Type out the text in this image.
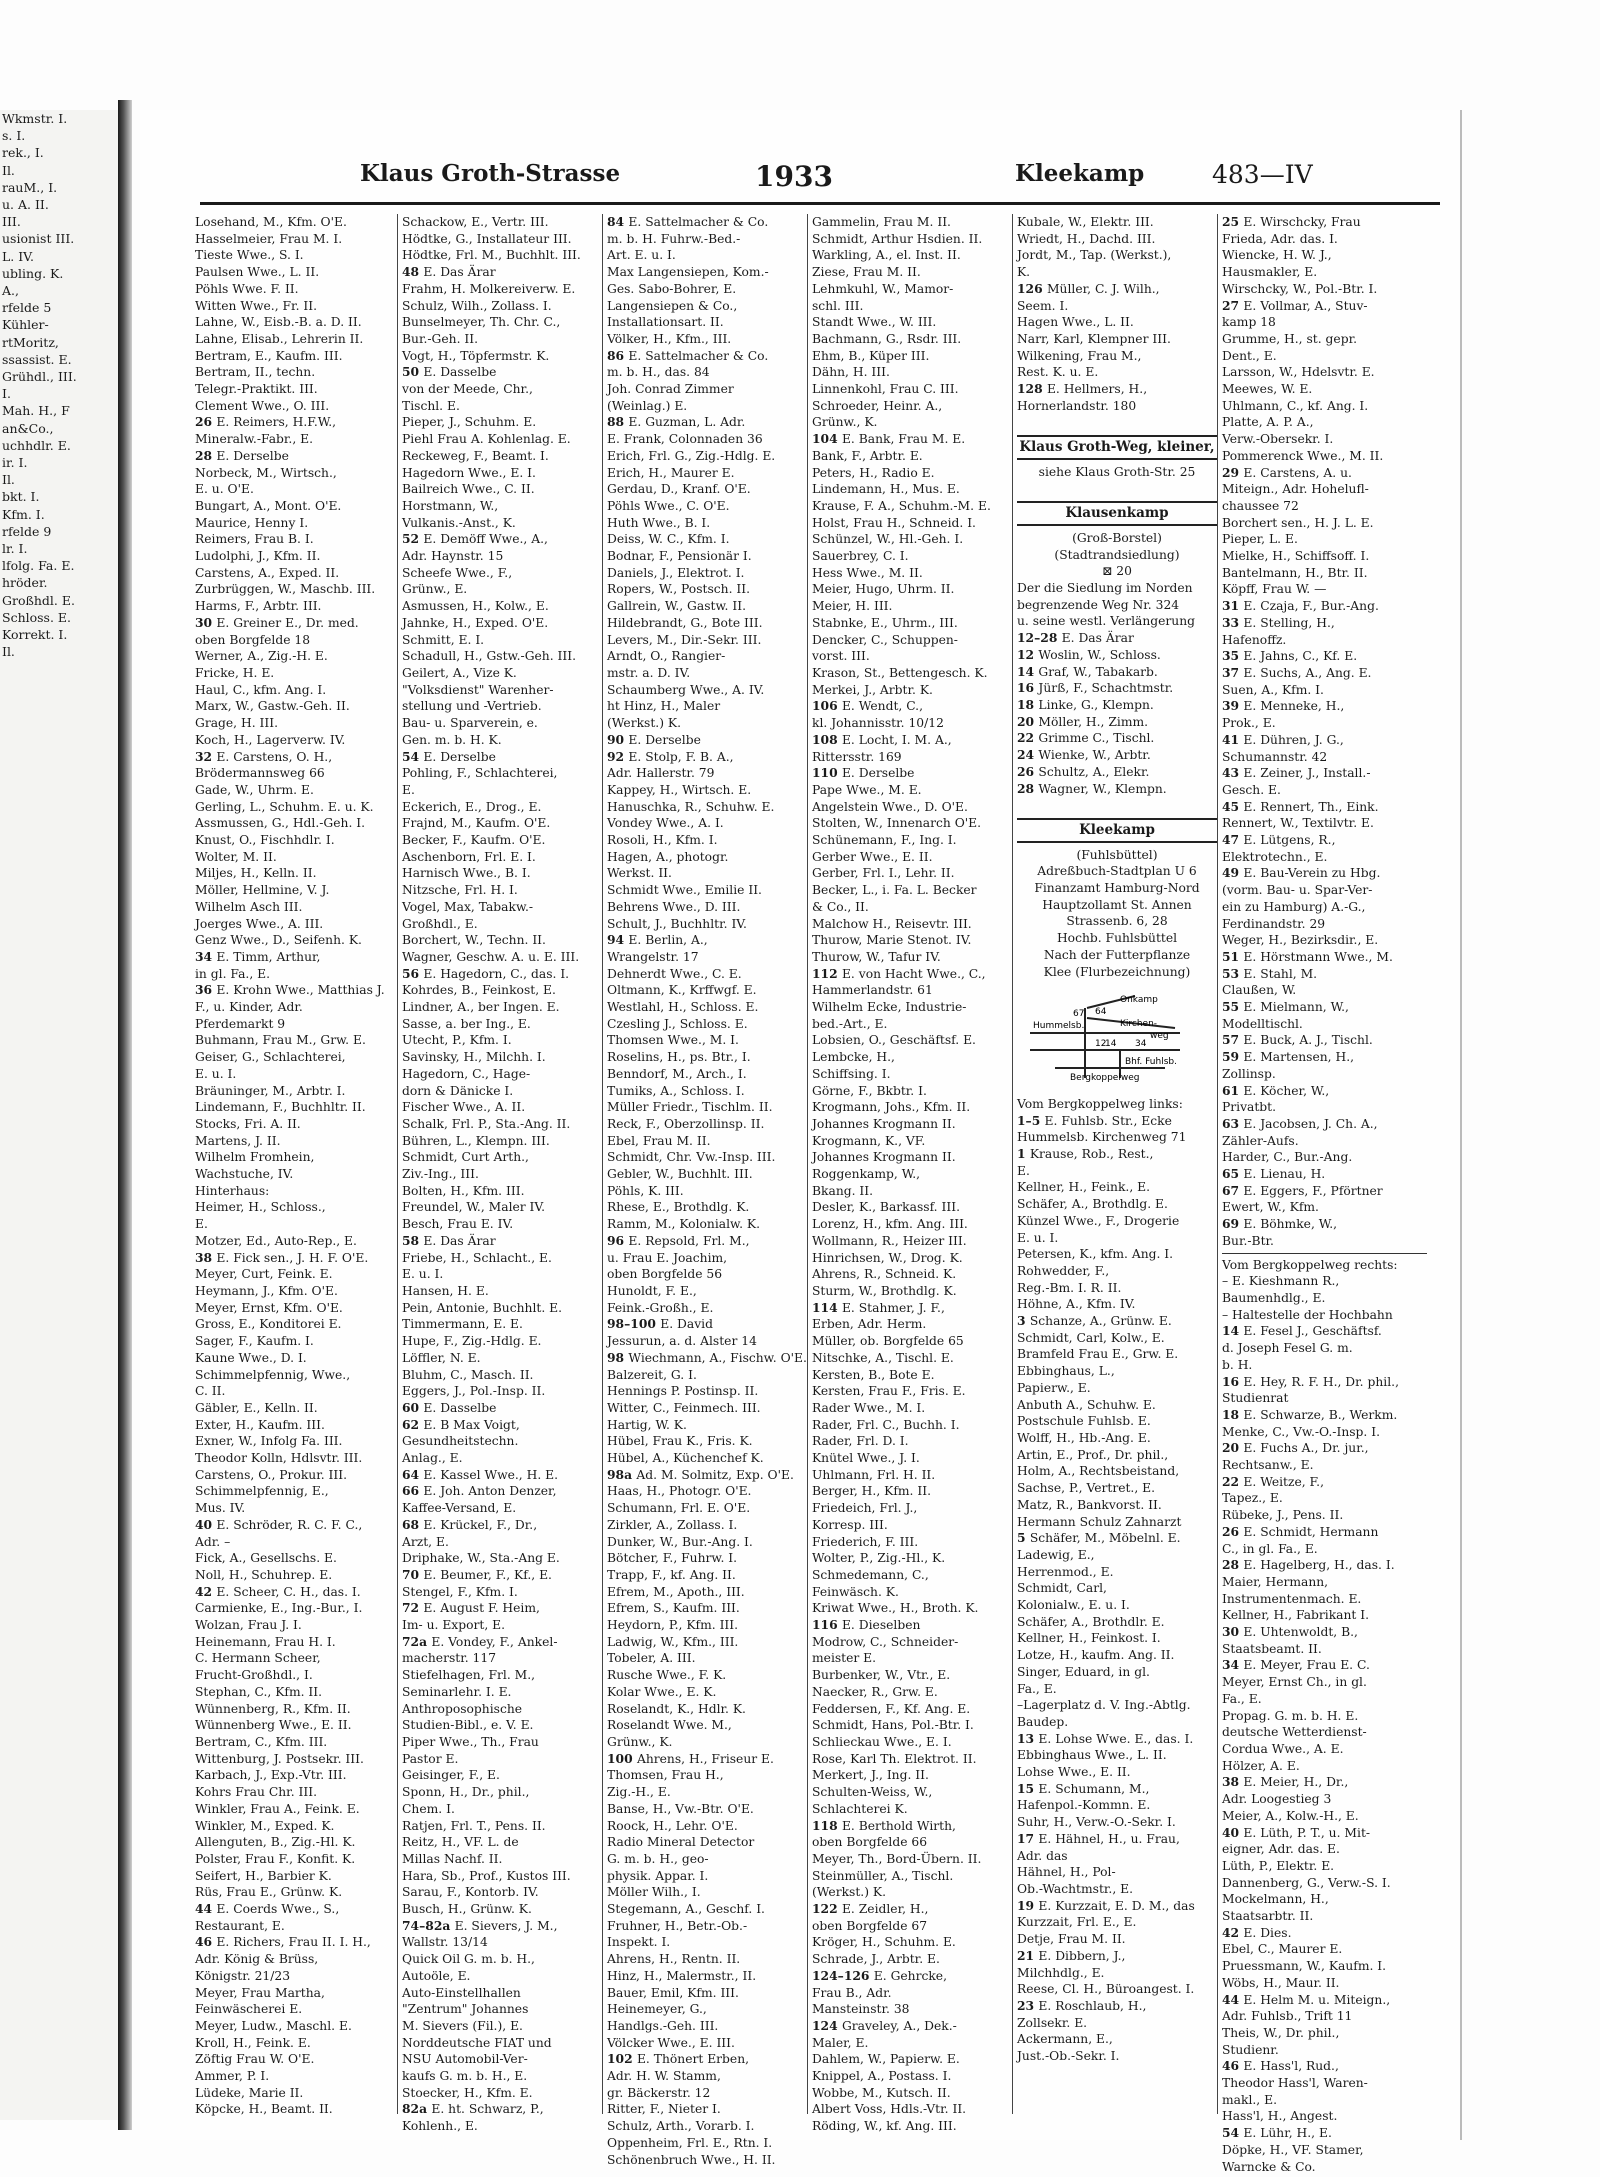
Wkmstr. I.
s. I.
rek., I.
Il.
rauM., I.
u. A. II.
III.
usionist III.
L. IV.
ubling. K.
A.,
rfelde 5
Kühler-
rtMoritz,
ssassist. E.
Grühdl., III.
I.
Mah. H., F
an&Co.,
uchhdlr. E.
ir. I.
Il.
bkt. I.
Kfm. I.
rfelde 9
lr. I.
lfolg. Fa. E.
hröder.
Großhdl. E.
Schloss. E.
Korrekt. I.
Il.
Klaus Groth-Strasse	1933	Kleekamp	483—IV
Losehand, M., Kfm. O'E.
Hasselmeier, Frau M. I.
Tieste Wwe., S. I.
Paulsen Wwe., L. II.
Pöhls Wwe. F. II.
Witten Wwe., Fr. II.
Lahne, W., Eisb.-B. a. D. II.
Lahne, Elisab., Lehrerin II.
Bertram, E., Kaufm. III.
Bertram, II., techn.
Telegr.-Praktikt. III.
Clement Wwe., O. III.
26 E. Reimers, H.F.W.,
Mineralw.-Fabr., E.
28 E. Derselbe
Norbeck, M., Wirtsch.,
E. u. O'E.
Bungart, A., Mont. O'E.
Maurice, Henny I.
Reimers, Frau B. I.
Ludolphi, J., Kfm. II.
Carstens, A., Exped. II.
Zurbrüggen, W., Maschb. III.
Harms, F., Arbtr. III.
30 E. Greiner E., Dr. med.
oben Borgfelde 18
Werner, A., Zig.-H. E.
Fricke, H. E.
Haul, C., kfm. Ang. I.
Marx, W., Gastw.-Geh. II.
Grage, H. III.
Koch, H., Lagerverw. IV.
32 E. Carstens, O. H.,
Brödermannsweg 66
Gade, W., Uhrm. E.
Gerling, L., Schuhm. E. u. K.
Assmussen, G., Hdl.-Geh. I.
Knust, O., Fischhdlr. I.
Wolter, M. II.
Miljes, H., Kelln. II.
Möller, Hellmine, V. J.
Wilhelm Asch III.
Joerges Wwe., A. III.
Genz Wwe., D., Seifenh. K.
34 E. Timm, Arthur,
in gl. Fa., E.
36 E. Krohn Wwe., Matthias J.
F., u. Kinder, Adr.
Pferdemarkt 9
Buhmann, Frau M., Grw. E.
Geiser, G., Schlachterei,
E. u. I.
Bräuninger, M., Arbtr. I.
Lindemann, F., Buchhltr. II.
Stocks, Fri. A. II.
Martens, J. II.
Wilhelm Fromhein,
Wachstuche, IV.
Hinterhaus:
Heimer, H., Schloss.,
E.
Motzer, Ed., Auto-Rep., E.
38 E. Fick sen., J. H. F. O'E.
Meyer, Curt, Feink. E.
Heymann, J., Kfm. O'E.
Meyer, Ernst, Kfm. O'E.
Gross, E., Konditorei E.
Sager, F., Kaufm. I.
Kaune Wwe., D. I.
Schimmelpfennig, Wwe.,
C. II.
Gäbler, E., Kelln. II.
Exter, H., Kaufm. III.
Exner, W., Infolg Fa. III.
Theodor Kolln, Hdlsvtr. III.
Carstens, O., Prokur. III.
Schimmelpfennig, E.,
Mus. IV.
40 E. Schröder, R. C. F. C.,
Adr. –
Fick, A., Gesellschs. E.
Noll, H., Schuhrep. E.
42 E. Scheer, C. H., das. I.
Carmienke, E., Ing.-Bur., I.
Wolzan, Frau J. I.
Heinemann, Frau H. I.
C. Hermann Scheer,
Frucht-Großhdl., I.
Stephan, C., Kfm. II.
Wünnenberg, R., Kfm. II.
Wünnenberg Wwe., E. II.
Bertram, C., Kfm. III.
Wittenburg, J. Postsekr. III.
Karbach, J., Exp.-Vtr. III.
Kohrs Frau Chr. III.
Winkler, Frau A., Feink. E.
Winkler, M., Exped. K.
Allenguten, B., Zig.-Hl. K.
Polster, Frau F., Konfit. K.
Seifert, H., Barbier K.
Rüs, Frau E., Grünw. K.
44 E. Coerds Wwe., S.,
Restaurant, E.
46 E. Richers, Frau II. I. H.,
Adr. König & Brüss,
Königstr. 21/23
Meyer, Frau Martha,
Feinwäscherei E.
Meyer, Ludw., Maschl. E.
Kroll, H., Feink. E.
Zöftig Frau W. O'E.
Ammer, P. I.
Lüdeke, Marie II.
Köpcke, H., Beamt. II.
Schackow, E., Vertr. III.
Hödtke, G., Installateur III.
Hödtke, Frl. M., Buchhlt. III.
48 E. Das Ärar
Frahm, H. Molkereiverw. E.
Schulz, Wilh., Zollass. I.
Bunselmeyer, Th. Chr. C.,
Bur.-Geh. II.
Vogt, H., Töpfermstr. K.
50 E. Dasselbe
von der Meede, Chr.,
Tischl. E.
Pieper, J., Schuhm. E.
Piehl Frau A. Kohlenlag. E.
Reckeweg, F., Beamt. I.
Hagedorn Wwe., E. I.
Bailreich Wwe., C. II.
Horstmann, W.,
Vulkanis.-Anst., K.
52 E. Demöff Wwe., A.,
Adr. Haynstr. 15
Scheefe Wwe., F.,
Grünw., E.
Asmussen, H., Kolw., E.
Jahnke, H., Exped. O'E.
Schmitt, E. I.
Schadull, H., Gstw.-Geh. III.
Geilert, A., Vize K.
"Volksdienst" Warenher-
stellung und -Vertrieb.
Bau- u. Sparverein, e.
Gen. m. b. H. K.
54 E. Derselbe
Pohling, F., Schlachterei,
E.
Eckerich, E., Drog., E.
Frajnd, M., Kaufm. O'E.
Becker, F., Kaufm. O'E.
Aschenborn, Frl. E. I.
Harnisch Wwe., B. I.
Nitzsche, Frl. H. I.
Vogel, Max, Tabakw.-
Großhdl., E.
Borchert, W., Techn. II.
Wagner, Geschw. A. u. E. III.
56 E. Hagedorn, C., das. I.
Kohrdes, B., Feinkost, E.
Lindner, A., ber Ingen. E.
Sasse, a. ber Ing., E.
Utecht, P., Kfm. I.
Savinsky, H., Milchh. I.
Hagedorn, C., Hage-
dorn & Dänicke I.
Fischer Wwe., A. II.
Schalk, Frl. P., Sta.-Ang. II.
Bühren, L., Klempn. III.
Schmidt, Curt Arth.,
Ziv.-Ing., III.
Bolten, H., Kfm. III.
Freundel, W., Maler IV.
Besch, Frau E. IV.
58 E. Das Ärar
Friebe, H., Schlacht., E.
E. u. I.
Hansen, H. E.
Pein, Antonie, Buchhlt. E.
Timmermann, E. E.
Hupe, F., Zig.-Hdlg. E.
Löffler, N. E.
Bluhm, C., Masch. II.
Eggers, J., Pol.-Insp. II.
60 E. Dasselbe
62 E. B Max Voigt,
Gesundheitstechn.
Anlag., E.
64 E. Kassel Wwe., H. E.
66 E. Joh. Anton Denzer,
Kaffee-Versand, E.
68 E. Krückel, F., Dr.,
Arzt, E.
Driphake, W., Sta.-Ang E.
70 E. Beumer, F., Kf., E.
Stengel, F., Kfm. I.
72 E. August F. Heim,
Im- u. Export, E.
72a E. Vondey, F., Ankel-
macherstr. 117
Stiefelhagen, Frl. M.,
Seminarlehr. I. E.
Anthroposophische
Studien-Bibl., e. V. E.
Piper Wwe., Th., Frau
Pastor E.
Geisinger, F., E.
Sponn, H., Dr., phil.,
Chem. I.
Ratjen, Frl. T., Pens. II.
Reitz, H., VF. L. de
Millas Nachf. II.
Hara, Sb., Prof., Kustos III.
Sarau, F., Kontorb. IV.
Busch, H., Grünw. K.
74–82a E. Sievers, J. M.,
Wallstr. 13/14
Quick Oil G. m. b. H.,
Autoöle, E.
Auto-Einstellhallen
"Zentrum" Johannes
M. Sievers (Fil.), E.
Norddeutsche FIAT und
NSU Automobil-Ver-
kaufs G. m. b. H., E.
Stoecker, H., Kfm. E.
82a E. ht. Schwarz, P.,
Kohlenh., E.
84 E. Sattelmacher & Co.
m. b. H. Fuhrw.-Bed.-
Art. E. u. I.
Max Langensiepen, Kom.-
Ges. Sabo-Bohrer, E.
Langensiepen & Co.,
Installationsart. II.
Völker, H., Kfm., III.
86 E. Sattelmacher & Co.
m. b. H., das. 84
Joh. Conrad Zimmer
(Weinlag.) E.
88 E. Guzman, L. Adr.
E. Frank, Colonnaden 36
Erich, Frl. G., Zig.-Hdlg. E.
Erich, H., Maurer E.
Gerdau, D., Kranf. O'E.
Pöhls Wwe., C. O'E.
Huth Wwe., B. I.
Deiss, W. C., Kfm. I.
Bodnar, F., Pensionär I.
Daniels, J., Elektrot. I.
Ropers, W., Postsch. II.
Gallrein, W., Gastw. II.
Hildebrandt, G., Bote III.
Levers, M., Dir.-Sekr. III.
Arndt, O., Rangier-
mstr. a. D. IV.
Schaumberg Wwe., A. IV.
ht Hinz, H., Maler
(Werkst.) K.
90 E. Derselbe
92 E. Stolp, F. B. A.,
Adr. Hallerstr. 79
Kappey, H., Wirtsch. E.
Hanuschka, R., Schuhw. E.
Vondey Wwe., A. I.
Rosoli, H., Kfm. I.
Hagen, A., photogr.
Werkst. II.
Schmidt Wwe., Emilie II.
Behrens Wwe., D. III.
Schult, J., Buchhltr. IV.
94 E. Berlin, A.,
Wrangelstr. 17
Dehnerdt Wwe., C. E.
Oltmann, K., Krffwgf. E.
Westlahl, H., Schloss. E.
Czesling J., Schloss. E.
Thomsen Wwe., M. I.
Roselins, H., ps. Btr., I.
Benndorf, M., Arch., I.
Tumiks, A., Schloss. I.
Müller Friedr., Tischlm. II.
Reck, F., Oberzollinsp. II.
Ebel, Frau M. II.
Schmidt, Chr. Vw.-Insp. III.
Gebler, W., Buchhlt. III.
Pöhls, K. III.
Rhese, E., Brothdlg. K.
Ramm, M., Kolonialw. K.
96 E. Repsold, Frl. M.,
u. Frau E. Joachim,
oben Borgfelde 56
Hunoldt, F. E.,
Feink.-Großh., E.
98–100 E. David
Jessurun, a. d. Alster 14
98 Wiechmann, A., Fischw. O'E.
Balzereit, G. I.
Hennings P. Postinsp. II.
Witter, C., Feinmech. III.
Hartig, W. K.
Hübel, Frau K., Fris. K.
Hübel, A., Küchenchef K.
98a Ad. M. Solmitz, Exp. O'E.
Haas, H., Photogr. O'E.
Schumann, Frl. E. O'E.
Zirkler, A., Zollass. I.
Dunker, W., Bur.-Ang. I.
Bötcher, F., Fuhrw. I.
Trapp, F., kf. Ang. II.
Efrem, M., Apoth., III.
Efrem, S., Kaufm. III.
Heydorn, P., Kfm. III.
Ladwig, W., Kfm., III.
Tobeler, A. III.
Rusche Wwe., F. K.
Kolar Wwe., E. K.
Roselandt, K., Hdlr. K.
Roselandt Wwe. M.,
Grünw., K.
100 Ahrens, H., Friseur E.
Thomsen, Frau H.,
Zig.-H., E.
Banse, H., Vw.-Btr. O'E.
Roock, H., Lehr. O'E.
Radio Mineral Detector
G. m. b. H., geo-
physik. Appar. I.
Möller Wilh., I.
Stegemann, A., Geschf. I.
Fruhner, H., Betr.-Ob.-
Inspekt. I.
Ahrens, H., Rentn. II.
Hinz, H., Malermstr., II.
Bauer, Emil, Kfm. III.
Heinemeyer, G.,
Handlgs.-Geh. III.
Völcker Wwe., E. III.
102 E. Thönert Erben,
Adr. H. W. Stamm,
gr. Bäckerstr. 12
Ritter, F., Nieter I.
Schulz, Arth., Vorarb. I.
Oppenheim, Frl. E., Rtn. I.
Schönenbruch Wwe., H. II.
Gammelin, Frau M. II.
Schmidt, Arthur Hsdien. II.
Warkling, A., el. Inst. II.
Ziese, Frau M. II.
Lehmkuhl, W., Mamor-
schl. III.
Standt Wwe., W. III.
Bachmann, G., Rsdr. III.
Ehm, B., Küper III.
Dähn, H. III.
Linnenkohl, Frau C. III.
Schroeder, Heinr. A.,
Grünw., K.
104 E. Bank, Frau M. E.
Bank, F., Arbtr. E.
Peters, H., Radio E.
Lindemann, H., Mus. E.
Krause, F. A., Schuhm.-M. E.
Holst, Frau H., Schneid. I.
Schünzel, W., Hl.-Geh. I.
Sauerbrey, C. I.
Hess Wwe., M. II.
Meier, Hugo, Uhrm. II.
Meier, H. III.
Stabnke, E., Uhrm., III.
Dencker, C., Schuppen-
vorst. III.
Krason, St., Bettengesch. K.
Merkei, J., Arbtr. K.
106 E. Wendt, C.,
kl. Johannisstr. 10/12
108 E. Locht, I. M. A.,
Rittersstr. 169
110 E. Derselbe
Pape Wwe., M. E.
Angelstein Wwe., D. O'E.
Stolten, W., Innenarch O'E.
Schünemann, F., Ing. I.
Gerber Wwe., E. II.
Gerber, Frl. I., Lehr. II.
Becker, L., i. Fa. L. Becker
& Co., II.
Malchow H., Reisevtr. III.
Thurow, Marie Stenot. IV.
Thurow, W., Tafur IV.
112 E. von Hacht Wwe., C.,
Hammerlandstr. 61
Wilhelm Ecke, Industrie-
bed.-Art., E.
Lobsien, O., Geschäftsf. E.
Lembcke, H.,
Schiffsing. I.
Görne, F., Bkbtr. I.
Krogmann, Johs., Kfm. II.
Johannes Krogmann II.
Krogmann, K., VF.
Johannes Krogmann II.
Roggenkamp, W.,
Bkang. II.
Desler, K., Barkassf. III.
Lorenz, H., kfm. Ang. III.
Wollmann, R., Heizer III.
Hinrichsen, W., Drog. K.
Ahrens, R., Schneid. K.
Sturm, W., Brothdlg. K.
114 E. Stahmer, J. F.,
Erben, Adr. Herm.
Müller, ob. Borgfelde 65
Nitschke, A., Tischl. E.
Kersten, B., Bote E.
Kersten, Frau F., Fris. E.
Rader Wwe., M. I.
Rader, Frl. C., Buchh. I.
Rader, Frl. D. I.
Knütel Wwe., J. I.
Uhlmann, Frl. H. II.
Berger, H., Kfm. II.
Friedeich, Frl. J.,
Korresp. III.
Friederich, F. III.
Wolter, P., Zig.-Hl., K.
Schmedemann, C.,
Feinwäsch. K.
Kriwat Wwe., H., Broth. K.
116 E. Dieselben
Modrow, C., Schneider-
meister E.
Burbenker, W., Vtr., E.
Naecker, R., Grw. E.
Feddersen, F., Kf. Ang. E.
Schmidt, Hans, Pol.-Btr. I.
Schlieckau Wwe., E. I.
Rose, Karl Th. Elektrot. II.
Merkert, J., Ing. II.
Schulten-Weiss, W.,
Schlachterei K.
118 E. Berthold Wirth,
oben Borgfelde 66
Meyer, Th., Bord-Übern. II.
Steinmüller, A., Tischl.
(Werkst.) K.
122 E. Zeidler, H.,
oben Borgfelde 67
Kröger, H., Schuhm. E.
Schrade, J., Arbtr. E.
124–126 E. Gehrcke,
Frau B., Adr.
Mansteinstr. 38
124 Graveley, A., Dek.-
Maler, E.
Dahlem, W., Papierw. E.
Knippel, A., Postass. I.
Wobbe, M., Kutsch. II.
Albert Voss, Hdls.-Vtr. II.
Röding, W., kf. Ang. III.
Kubale, W., Elektr. III.
Wriedt, H., Dachd. III.
Jordt, M., Tap. (Werkst.),
K.
126 Müller, C. J. Wilh.,
Seem. I.
Hagen Wwe., L. II.
Narr, Karl, Klempner III.
Wilkening, Frau M.,
Rest. K. u. E.
128 E. Hellmers, H.,
Hornerlandstr. 180

Klaus Groth-Weg, kleiner,
siehe Klaus Groth-Str. 25

Klausenkamp
(Groß-Borstel)
(Stadtrandsiedlung)
⊠ 20
Der die Siedlung im Norden
begrenzende Weg Nr. 324
u. seine westl. Verlängerung
12–28 E. Das Ärar
12 Woslin, W., Schloss.
14 Graf, W., Tabakarb.
16 Jürß, F., Schachtmstr.
18 Linke, G., Klempn.
20 Möller, H., Zimm.
22 Grimme C., Tischl.
24 Wienke, W., Arbtr.
26 Schultz, A., Elekr.
28 Wagner, W., Klempn.

Kleekamp
(Fuhlsbüttel)
Adreßbuch-Stadtplan U 6
Finanzamt Hamburg-Nord
Hauptzollamt St. Annen
Strassenb. 6, 28
Hochb. Fuhlsbüttel
Nach der Futterpflanze
Klee (Flurbezeichnung)
Onkamp
Hummelsb.	Kirchen-
weg
Bergkoppelweg
Bhf. Fuhlsb.
12
14
67 64
34
Vom Bergkoppelweg links:
1–5 E. Fuhlsb. Str., Ecke
Hummelsb. Kirchenweg 71
1 Krause, Rob., Rest.,
E.
Kellner, H., Feink., E.
Schäfer, A., Brothdlg. E.
Künzel Wwe., F., Drogerie
E. u. I.
Petersen, K., kfm. Ang. I.
Rohwedder, F.,
Reg.-Bm. I. R. II.
Höhne, A., Kfm. IV.
3 Schanze, A., Grünw. E.
Schmidt, Carl, Kolw., E.
Bramfeld Frau E., Grw. E.
Ebbinghaus, L.,
Papierw., E.
Anbuth A., Schuhw. E.
Postschule Fuhlsb. E.
Wolff, H., Hb.-Ang. E.
Artin, E., Prof., Dr. phil.,
Holm, A., Rechtsbeistand,
Sachse, P., Vertret., E.
Matz, R., Bankvorst. II.
Hermann Schulz Zahnarzt
5 Schäfer, M., Möbelnl. E.
Ladewig, E.,
Herrenmod., E.
Schmidt, Carl,
Kolonialw., E. u. I.
Schäfer, A., Brothdlr. E.
Kellner, H., Feinkost. I.
Lotze, H., kaufm. Ang. II.
Singer, Eduard, in gl.
Fa., E.
–Lagerplatz d. V. Ing.-Abtlg.
Baudep.
13 E. Lohse Wwe. E., das. I.
Ebbinghaus Wwe., L. II.
Lohse Wwe., E. II.
15 E. Schumann, M.,
Hafenpol.-Kommn. E.
Suhr, H., Verw.-O.-Sekr. I.
17 E. Hähnel, H., u. Frau,
Adr. das
Hähnel, H., Pol-
Ob.-Wachtmstr., E.
19 E. Kurzzait, E. D. M., das
Kurzzait, Frl. E., E.
Detje, Frau M. II.
21 E. Dibbern, J.,
Milchhdlg., E.
Reese, Cl. H., Büroangest. I.
23 E. Roschlaub, H.,
Zollsekr. E.
Ackermann, E.,
Just.-Ob.-Sekr. I.
25 E. Wirschcky, Frau
Frieda, Adr. das. I.
Wiencke, H. W. J.,
Hausmakler, E.
Wirschcky, W., Pol.-Btr. I.
27 E. Vollmar, A., Stuv-
kamp 18
Grumme, H., st. gepr.
Dent., E.
Larsson, W., Hdelsvtr. E.
Meewes, W. E.
Uhlmann, C., kf. Ang. I.
Platte, A. P. A.,
Verw.-Obersekr. I.
Pommerenck Wwe., M. II.
29 E. Carstens, A. u.
Miteign., Adr. Hohelufl-
chaussee 72
Borchert sen., H. J. L. E.
Pieper, L. E.
Mielke, H., Schiffsoff. I.
Bantelmann, H., Btr. II.
Köpff, Frau W. —
31 E. Czaja, F., Bur.-Ang.
33 E. Stelling, H.,
Hafenoffz.
35 E. Jahns, C., Kf. E.
37 E. Suchs, A., Ang. E.
Suen, A., Kfm. I.
39 E. Menneke, H.,
Prok., E.
41 E. Dühren, J. G.,
Schumannstr. 42
43 E. Zeiner, J., Install.-
Gesch. E.
45 E. Rennert, Th., Eink.
Rennert, W., Textilvtr. E.
47 E. Lütgens, R.,
Elektrotechn., E.
49 E. Bau-Verein zu Hbg.
(vorm. Bau- u. Spar-Ver-
ein zu Hamburg) A.-G.,
Ferdinandstr. 29
Weger, H., Bezirksdir., E.
51 E. Hörstmann Wwe., M.
53 E. Stahl, M.
Claußen, W.
55 E. Mielmann, W.,
Modelltischl.
57 E. Buck, A. J., Tischl.
59 E. Martensen, H.,
Zollinsp.
61 E. Köcher, W.,
Privatbt.
63 E. Jacobsen, J. Ch. A.,
Zähler-Aufs.
Harder, C., Bur.-Ang.
65 E. Lienau, H.
67 E. Eggers, F., Pförtner
Ewert, W., Kfm.
69 E. Böhmke, W.,
Bur.-Btr.
Vom Bergkoppelweg rechts:
– E. Kieshmann R.,
Baumenhdlg., E.
– Haltestelle der Hochbahn
14 E. Fesel J., Geschäftsf.
d. Joseph Fesel G. m.
b. H.
16 E. Hey, R. F. H., Dr. phil.,
Studienrat
18 E. Schwarze, B., Werkm.
Menke, C., Vw.-O.-Insp. I.
20 E. Fuchs A., Dr. jur.,
Rechtsanw., E.
22 E. Weitze, F.,
Tapez., E.
Rübeke, J., Pens. II.
26 E. Schmidt, Hermann
C., in gl. Fa., E.
28 E. Hagelberg, H., das. I.
Maier, Hermann,
Instrumentenmach. E.
Kellner, H., Fabrikant I.
30 E. Uhtenwoldt, B.,
Staatsbeamt. II.
34 E. Meyer, Frau E. C.
Meyer, Ernst Ch., in gl.
Fa., E.
Propag. G. m. b. H. E.
deutsche Wetterdienst-
Cordua Wwe., A. E.
Hölzer, A. E.
38 E. Meier, H., Dr.,
Adr. Loogestieg 3
Meier, A., Kolw.-H., E.
40 E. Lüth, P. T., u. Mit-
eigner, Adr. das. E.
Lüth, P., Elektr. E.
Dannenberg, G., Verw.-S. I.
Mockelmann, H.,
Staatsarbtr. II.
42 E. Dies.
Ebel, C., Maurer E.
Pruessmann, W., Kaufm. I.
Wöbs, H., Maur. II.
44 E. Helm M. u. Miteign.,
Adr. Fuhlsb., Trift 11
Theis, W., Dr. phil.,
Studienr.
46 E. Hass'l, Rud.,
Theodor Hass'l, Waren-
makl., E.
Hass'l, H., Angest.
54 E. Lühr, H., E.
Döpke, H., VF. Stamer,
Warncke & Co.
